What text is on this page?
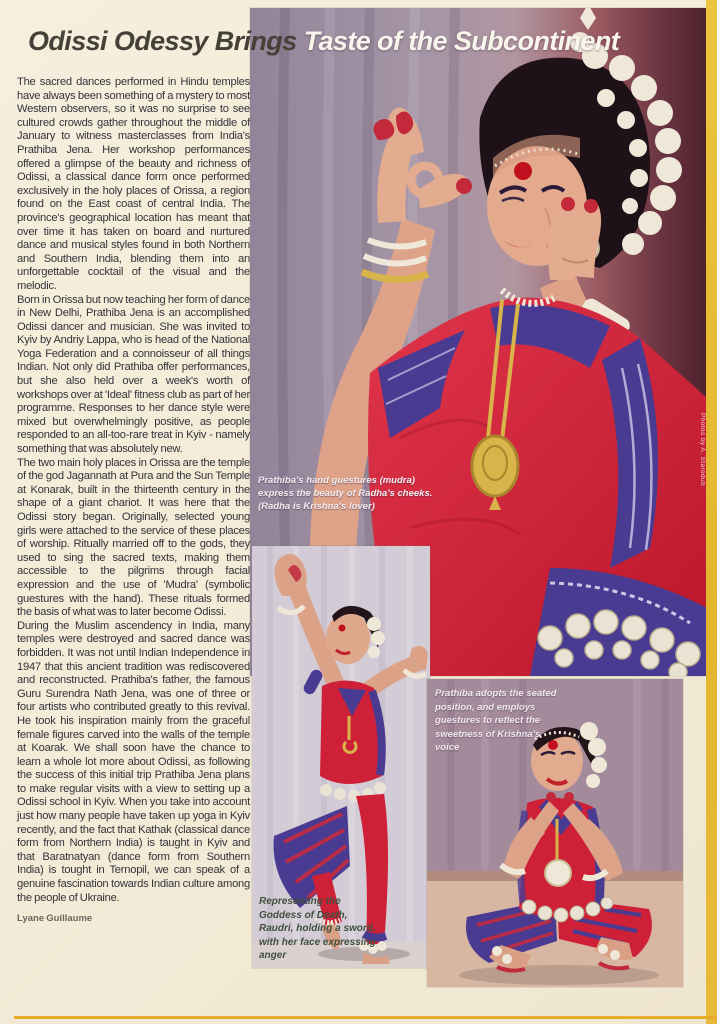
Prathiba's hand guestures (mudra) express the beauty of Radha's cheeks. (Radha is Krishna's lover)
Photos by A. Starodub
Representing the Goddess of Death, Raudri, holding a sword, with her face expressing anger
Prathiba adopts the seated position, and employs guestures to reflect the sweetness of Krishna's voice
Odissi Odessy Brings Taste of the Subcontinent

The sacred dances performed in Hindu temples have always been something of a mystery to most Western observers, so it was no surprise to see cultured crowds gather throughout the middle of January to witness masterclasses from India's Prathiba Jena. Her workshop performances offered a glimpse of the beauty and richness of Odissi, a classical dance form once performed exclusively in the holy places of Orissa, a region found on the East coast of central India. The province's geographical location has meant that over time it has taken on board and nurtured dance and musical styles found in both Northern and Southern India, blending them into an unforgettable cocktail of the visual and the melodic.

Born in Orissa but now teaching her form of dance in New Delhi, Prathiba Jena is an accomplished Odissi dancer and musician. She was invited to Kyiv by Andriy Lappa, who is head of the National Yoga Federation and a connoisseur of all things Indian. Not only did Prathiba offer performances, but she also held over a week's worth of workshops over at 'Ideal' fitness club as part of her programme. Responses to her dance style were mixed but overwhelmingly positive, as people responded to an all-too-rare treat in Kyiv - namely something that was absolutely new.

The two main holy places in Orissa are the temple of the god Jagannath at Pura and the Sun Temple at Konarak, built in the thirteenth century in the shape of a giant chariot. It was here that the Odissi story began. Originally, selected young girls were attached to the service of these places of worship. Ritually married off to the gods, they used to sing the sacred texts, making them accessible to the pilgrims through facial expression and the use of 'Mudra' (symbolic guestures with the hand). These rituals formed the basis of what was to later become Odissi.

During the Muslim ascendency in India, many temples were destroyed and sacred dance was forbidden. It was not until Indian Independence in 1947 that this ancient tradition was rediscovered and reconstructed. Prathiba's father, the famous Guru Surendra Nath Jena, was one of three or four artists who contributed greatly to this revival. He took his inspiration mainly from the graceful female figures carved into the walls of the temple at Koarak. We shall soon have the chance to learn a whole lot more about Odissi, as following the success of this initial trip Prathiba Jena plans to make regular visits with a view to setting up a Odissi school in Kyiv. When you take into account just how many people have taken up yoga in Kyiv recently, and the fact that Kathak (classical dance form from Northern India) is taught in Kyiv and that Baratnatyan (dance form from Southern India) is tought in Ternopil, we can speak of a genuine fascination towards Indian culture among the people of Ukraine.

Lyane Guillaume
